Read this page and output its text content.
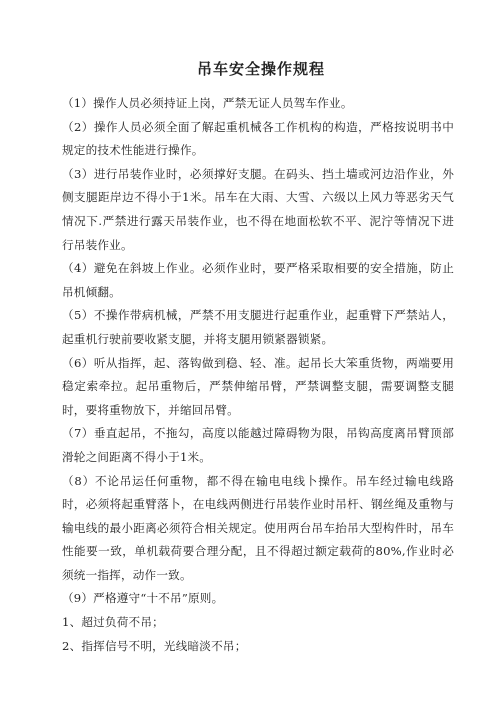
吊车安全操作规程

（1）操作人员必须持证上岗，严禁无证人员驾车作业。

（2）操作人员必须全面了解起重机械各工作机构的构造，严格按说明书中规定的技术性能进行操作。

（3）进行吊装作业时，必须撑好支腿。在码头、挡土墙或河边沿作业，外侧支腿距岸边不得小于1米。吊车在大雨、大雪、六级以上风力等恶劣天气情况下.严禁进行露天吊装作业，也不得在地面松软不平、泥泞等情况下进行吊装作业。

（4）避免在斜坡上作业。必须作业时，要严格采取相要的安全措施，防止吊机倾翻。

（5）不操作带病机械，严禁不用支腿进行起重作业，起重臂下严禁站人，起重机行驶前要收紧支腿，并将支腿用锁紧器锁紧。

（6）听从指挥，起、落钩做到稳、轻、准。起吊长大笨重货物，两端要用稳定索牵拉。起吊重物后，严禁伸缩吊臂，严禁调整支腿，需要调整支腿时，要将重物放下，并缩回吊臂。

（7）垂直起吊，不拖勾，高度以能越过障碍物为限，吊钩高度离吊臂顶部滑轮之间距离不得小于1米。

（8）不论吊运任何重物，都不得在输电电线卜操作。吊车经过输电线路时，必须将起重臂落卜，在电线两侧进行吊装作业时吊杆、钢丝绳及重物与输电线的最小距离必须符合相关规定。使用两台吊车抬吊大型构件时，吊车性能要一致，单机载荷要合理分配，且不得超过额定载荷的80%,作业时必须统一指挥，动作一致。

（9）严格遵守“十不吊”原则。

1、超过负荷不吊；

2、指挥信号不明，光线暗淡不吊；
